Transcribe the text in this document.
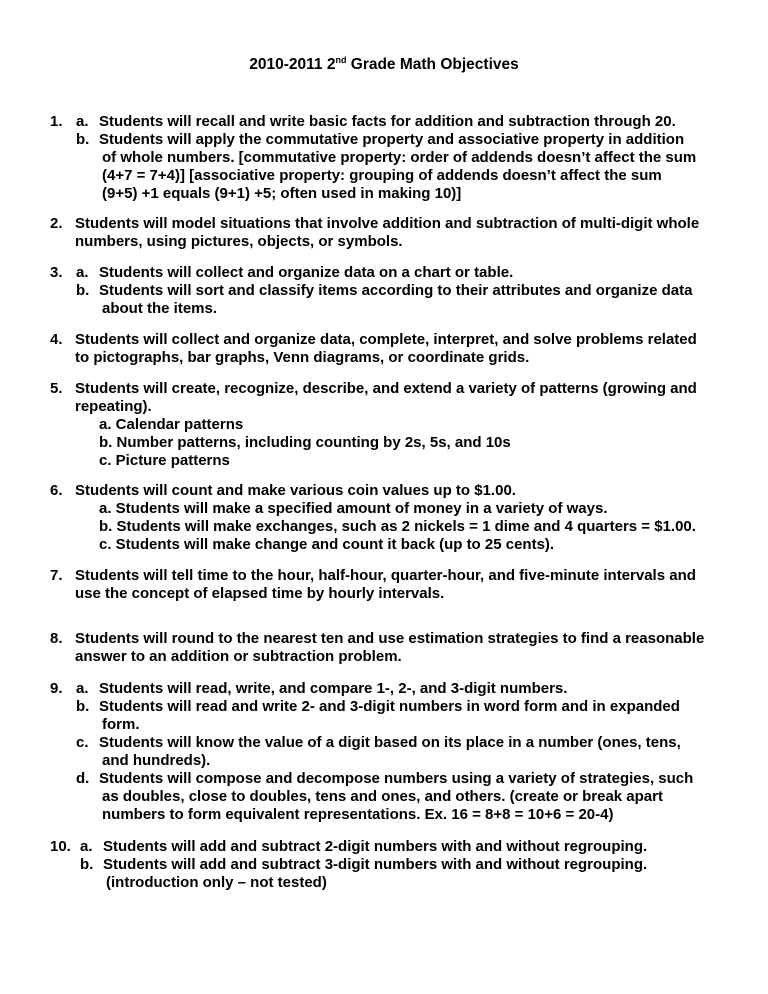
2010-2011 2nd Grade Math Objectives
1. a. Students will recall and write basic facts for addition and subtraction through 20.
b. Students will apply the commutative property and associative property in addition
of whole numbers. [commutative property: order of addends doesn’t affect the sum
(4+7 = 7+4)] [associative property: grouping of addends doesn’t affect the sum
(9+5) +1 equals (9+1) +5; often used in making 10)]
2. Students will model situations that involve addition and subtraction of multi-digit whole
numbers, using pictures, objects, or symbols.
3. a. Students will collect and organize data on a chart or table.
b. Students will sort and classify items according to their attributes and organize data
about the items.
4. Students will collect and organize data, complete, interpret, and solve problems related
to pictographs, bar graphs, Venn diagrams, or coordinate grids.
5. Students will create, recognize, describe, and extend a variety of patterns (growing and
repeating).
a. Calendar patterns
b. Number patterns, including counting by 2s, 5s, and 10s
c. Picture patterns
6. Students will count and make various coin values up to $1.00.
a. Students will make a specified amount of money in a variety of ways.
b. Students will make exchanges, such as 2 nickels = 1 dime and 4 quarters = $1.00.
c. Students will make change and count it back (up to 25 cents).
7. Students will tell time to the hour, half-hour, quarter-hour, and five-minute intervals and
use the concept of elapsed time by hourly intervals.
8. Students will round to the nearest ten and use estimation strategies to find a reasonable
answer to an addition or subtraction problem.
9. a. Students will read, write, and compare 1-, 2-, and 3-digit numbers.
b. Students will read and write 2- and 3-digit numbers in word form and in expanded
form.
c. Students will know the value of a digit based on its place in a number (ones, tens,
and hundreds).
d. Students will compose and decompose numbers using a variety of strategies, such
as doubles, close to doubles, tens and ones, and others. (create or break apart
numbers to form equivalent representations. Ex. 16 = 8+8 = 10+6 = 20-4)
10. a. Students will add and subtract 2-digit numbers with and without regrouping.
b. Students will add and subtract 3-digit numbers with and without regrouping.
(introduction only – not tested)
